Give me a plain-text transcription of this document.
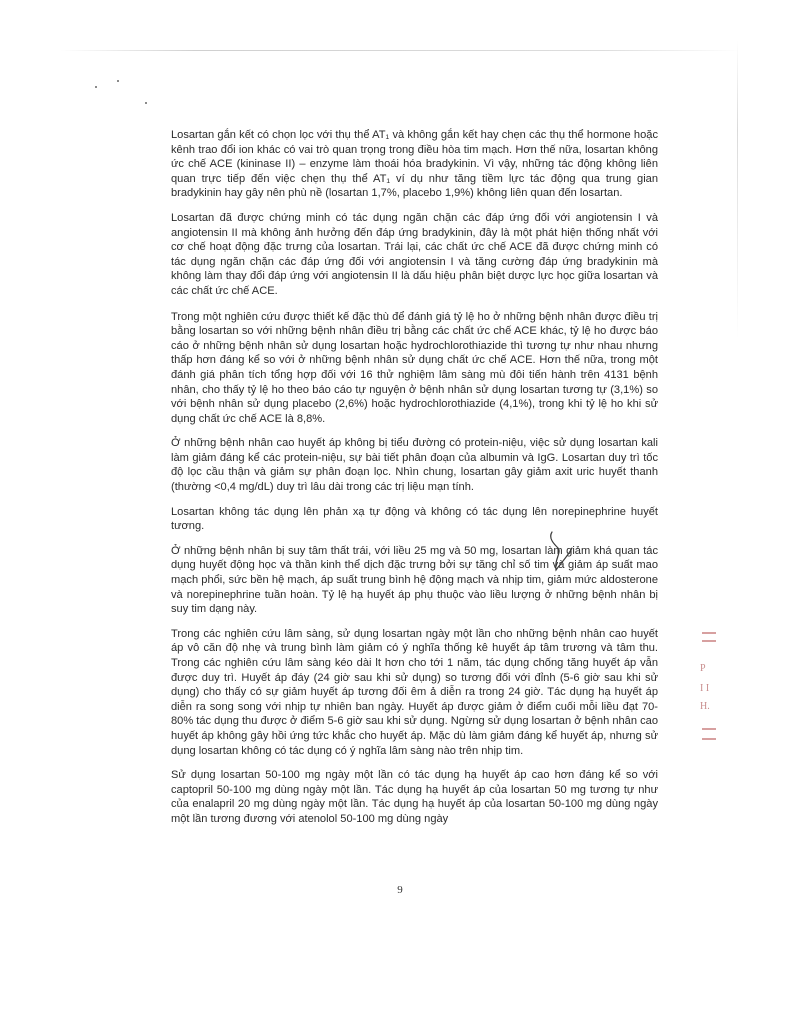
Losartan gắn kết có chọn lọc với thụ thể AT₁ và không gắn kết hay chẹn các thụ thể hormone hoặc kênh trao đổi ion khác có vai trò quan trọng trong điều hòa tim mạch. Hơn thế nữa, losartan không ức chế ACE (kininase II) – enzyme làm thoái hóa bradykinin. Vì vậy, những tác động không liên quan trực tiếp đến việc chẹn thụ thể AT₁ ví dụ như tăng tiềm lực tác động qua trung gian bradykinin hay gây nên phù nề (losartan 1,7%, placebo 1,9%) không liên quan đến losartan.

Losartan đã được chứng minh có tác dụng ngăn chặn các đáp ứng đối với angiotensin I và angiotensin II mà không ảnh hưởng đến đáp ứng bradykinin, đây là một phát hiện thống nhất với cơ chế hoạt động đặc trưng của losartan. Trái lại, các chất ức chế ACE đã được chứng minh có tác dụng ngăn chặn các đáp ứng đối với angiotensin I và tăng cường đáp ứng bradykinin mà không làm thay đổi đáp ứng với angiotensin II là dấu hiệu phân biệt dược lực học giữa losartan và các chất ức chế ACE.

Trong một nghiên cứu được thiết kế đặc thù để đánh giá tỷ lệ ho ở những bệnh nhân được điều trị bằng losartan so với những bệnh nhân điều trị bằng các chất ức chế ACE khác, tỷ lệ ho được báo cáo ở những bệnh nhân sử dụng losartan hoặc hydrochlorothiazide thì tương tự như nhau nhưng thấp hơn đáng kể so với ở những bệnh nhân sử dụng chất ức chế ACE. Hơn thế nữa, trong một đánh giá phân tích tổng hợp đối với 16 thử nghiệm lâm sàng mù đôi tiến hành trên 4131 bệnh nhân, cho thấy tỷ lệ ho theo báo cáo tự nguyện ở bệnh nhân sử dụng losartan tương tự (3,1%) so với bệnh nhân sử dụng placebo (2,6%) hoặc hydrochlorothiazide (4,1%), trong khi tỷ lệ ho khi sử dụng chất ức chế ACE là 8,8%.

Ở những bệnh nhân cao huyết áp không bị tiểu đường có protein-niệu, việc sử dụng losartan kali làm giảm đáng kể các protein-niệu, sự bài tiết phân đoạn của albumin và IgG. Losartan duy trì tốc độ lọc cầu thận và giảm sự phân đoạn lọc. Nhìn chung, losartan gây giảm axit uric huyết thanh (thường <0,4 mg/dL) duy trì lâu dài trong các trị liệu mạn tính.

Losartan không tác dụng lên phản xạ tự động và không có tác dụng lên norepinephrine huyết tương.

Ở những bệnh nhân bị suy tâm thất trái, với liều 25 mg và 50 mg, losartan làm giảm khá quan tác dụng huyết động học và thần kinh thể dịch đặc trưng bởi sự tăng chỉ số tim và giảm áp suất mao mạch phổi, sức bền hệ mạch, áp suất trung bình hệ động mạch và nhịp tim, giảm mức aldosterone và norepinephrine tuần hoàn. Tỷ lệ hạ huyết áp phụ thuộc vào liều lượng ở những bệnh nhân bị suy tim dạng này.

Trong các nghiên cứu lâm sàng, sử dụng losartan ngày một lần cho những bệnh nhân cao huyết áp vô căn độ nhẹ và trung bình làm giảm có ý nghĩa thống kê huyết áp tâm trương và tâm thu. Trong các nghiên cứu lâm sàng kéo dài lt hơn cho tới 1 năm, tác dụng chống tăng huyết áp vẫn được duy trì. Huyết áp đáy (24 giờ sau khi sử dụng) so tương đối với đỉnh (5-6 giờ sau khi sử dụng) cho thấy có sự giảm huyết áp tương đối êm ả diễn ra trong 24 giờ. Tác dụng hạ huyết áp diễn ra song song với nhịp tự nhiên ban ngày. Huyết áp được giảm ở điểm cuối mỗi liều đạt 70-80% tác dụng thu được ở điểm 5-6 giờ sau khi sử dụng. Ngừng sử dụng losartan ở bệnh nhân cao huyết áp không gây hồi ứng tức khắc cho huyết áp. Mặc dù làm giảm đáng kể huyết áp, nhưng sử dụng losartan không có tác dụng có ý nghĩa lâm sàng nào trên nhịp tim.

Sử dụng losartan 50-100 mg ngày một lần có tác dụng hạ huyết áp cao hơn đáng kể so với captopril 50-100 mg dùng ngày một lần. Tác dụng hạ huyết áp của losartan 50 mg tương tự như của enalapril 20 mg dùng ngày một lần. Tác dụng hạ huyết áp của losartan 50-100 mg dùng ngày một lần tương đương với atenolol 50-100 mg dùng ngày

P
I I
H.
9
